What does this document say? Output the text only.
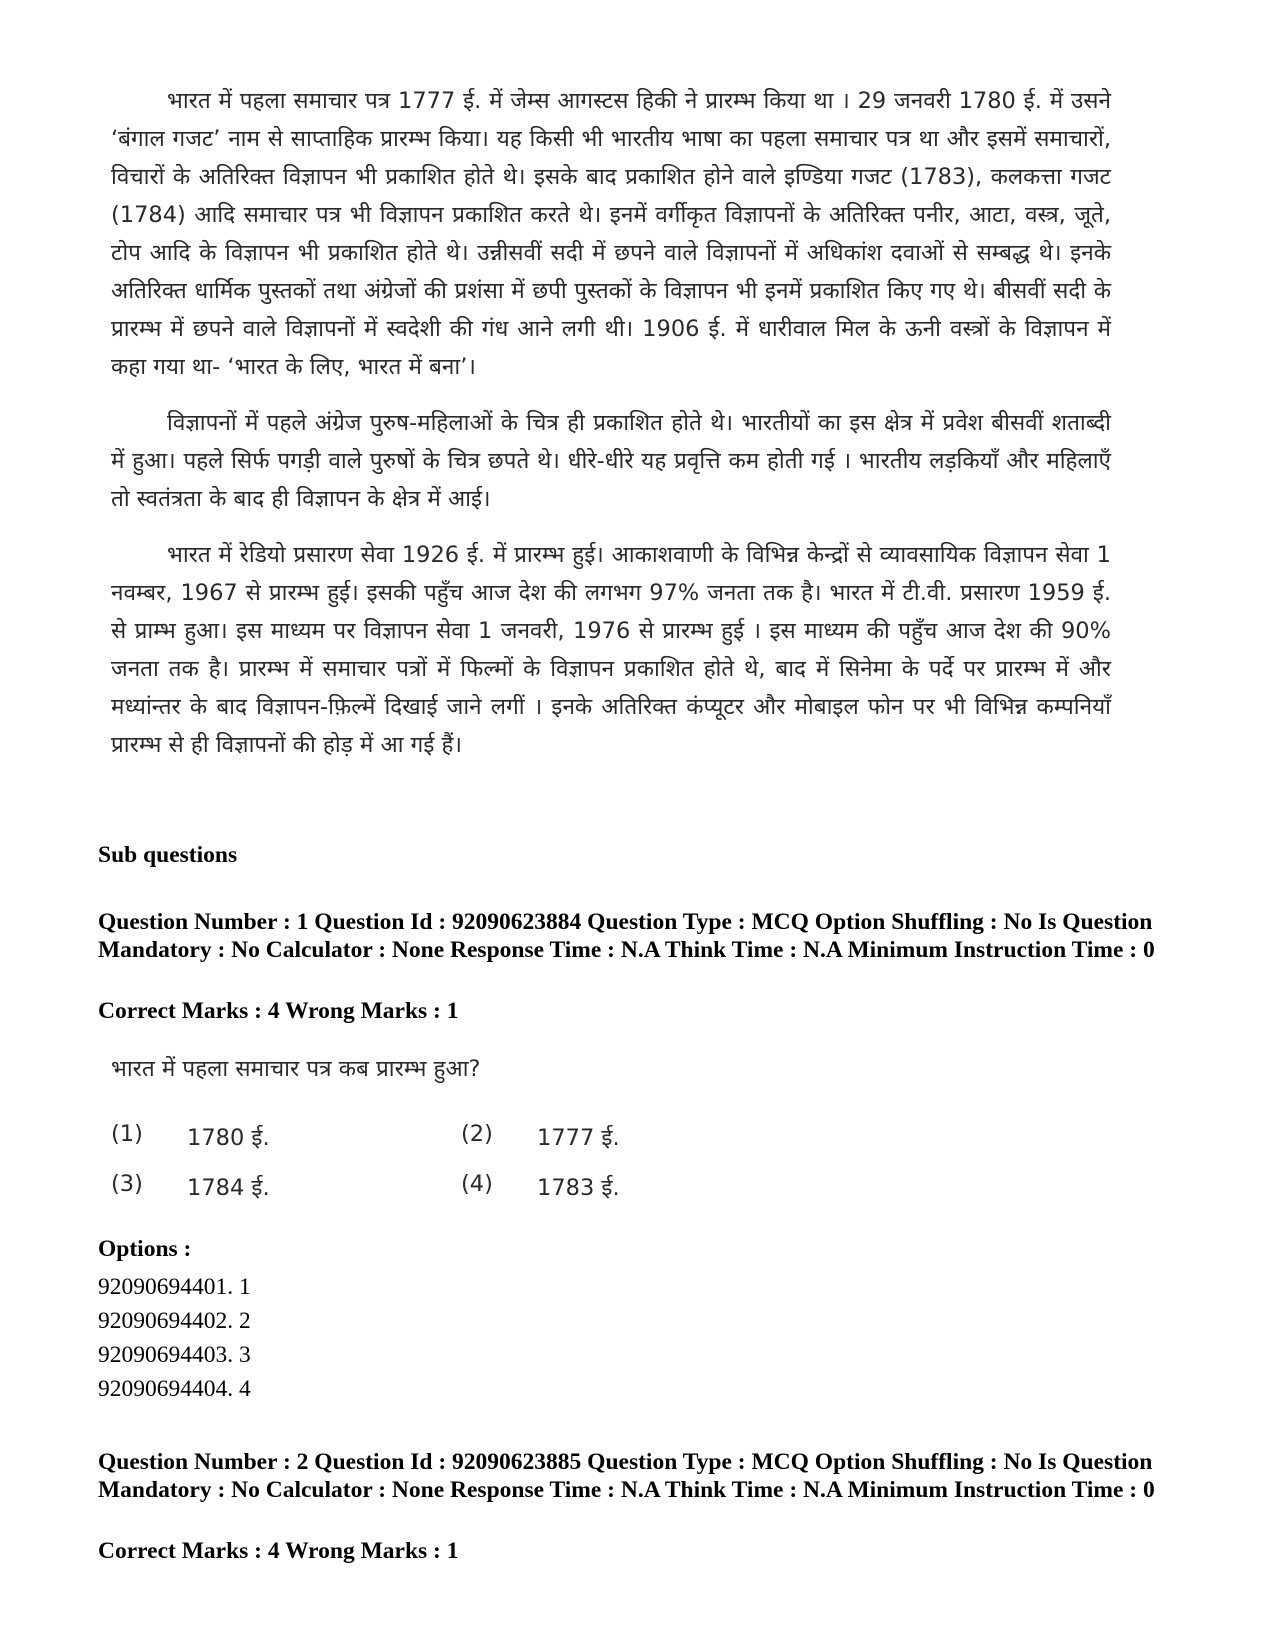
भारत में पहला समाचार पत्र 1777 ई. में जेम्स आगस्टस हिकी ने प्रारम्भ किया था । 29 जनवरी 1780 ई. में उसने ‘बंगाल गजट’ नाम से साप्ताहिक प्रारम्भ किया। यह किसी भी भारतीय भाषा का पहला समाचार पत्र था और इसमें समाचारों, विचारों के अतिरिक्त विज्ञापन भी प्रकाशित होते थे। इसके बाद प्रकाशित होने वाले इण्डिया गजट (1783), कलकत्ता गजट (1784) आदि समाचार पत्र भी विज्ञापन प्रकाशित करते थे। इनमें वर्गीकृत विज्ञापनों के अतिरिक्त पनीर, आटा, वस्त्र, जूते, टोप आदि के विज्ञापन भी प्रकाशित होते थे। उन्नीसवीं सदी में छपने वाले विज्ञापनों में अधिकांश दवाओं से सम्बद्ध थे। इनके अतिरिक्त धार्मिक पुस्तकों तथा अंग्रेजों की प्रशंसा में छपी पुस्तकों के विज्ञापन भी इनमें प्रकाशित किए गए थे। बीसवीं सदी के प्रारम्भ में छपने वाले विज्ञापनों में स्वदेशी की गंध आने लगी थी। 1906 ई. में धारीवाल मिल के ऊनी वस्त्रों के विज्ञापन में कहा गया था- ‘भारत के लिए, भारत में बना’।

विज्ञापनों में पहले अंग्रेज पुरुष-महिलाओं के चित्र ही प्रकाशित होते थे। भारतीयों का इस क्षेत्र में प्रवेश बीसवीं शताब्दी में हुआ। पहले सिर्फ पगड़ी वाले पुरुषों के चित्र छपते थे। धीरे-धीरे यह प्रवृत्ति कम होती गई । भारतीय लड़कियाँ और महिलाएँ तो स्वतंत्रता के बाद ही विज्ञापन के क्षेत्र में आई।

भारत में रेडियो प्रसारण सेवा 1926 ई. में प्रारम्भ हुई। आकाशवाणी के विभिन्न केन्द्रों से व्यावसायिक विज्ञापन सेवा 1 नवम्बर, 1967 से प्रारम्भ हुई। इसकी पहुँच आज देश की लगभग 97% जनता तक है। भारत में टी.वी. प्रसारण 1959 ई. से प्राम्भ हुआ। इस माध्यम पर विज्ञापन सेवा 1 जनवरी, 1976 से प्रारम्भ हुई । इस माध्यम की पहुँच आज देश की 90% जनता तक है। प्रारम्भ में समाचार पत्रों में फिल्मों के विज्ञापन प्रकाशित होते थे, बाद में सिनेमा के पर्दे पर प्रारम्भ में और मध्यांन्तर के बाद विज्ञापन-फ़िल्में दिखाई जाने लगीं । इनके अतिरिक्त कंप्यूटर और मोबाइल फोन पर भी विभिन्न कम्पनियाँ प्रारम्भ से ही विज्ञापनों की होड़ में आ गई हैं।

Sub questions

Question Number : 1 Question Id : 92090623884 Question Type : MCQ Option Shuffling : No Is Question Mandatory : No Calculator : None Response Time : N.A Think Time : N.A Minimum Instruction Time : 0

Correct Marks : 4 Wrong Marks : 1

भारत में पहला समाचार पत्र कब प्रारम्भ हुआ?

(1)	1780 ई.	(2)	1777 ई.
(3)	1784 ई.	(4)	1783 ई.
Options :
92090694401. 1
92090694402. 2
92090694403. 3
92090694404. 4

Question Number : 2 Question Id : 92090623885 Question Type : MCQ Option Shuffling : No Is Question Mandatory : No Calculator : None Response Time : N.A Think Time : N.A Minimum Instruction Time : 0

Correct Marks : 4 Wrong Marks : 1
